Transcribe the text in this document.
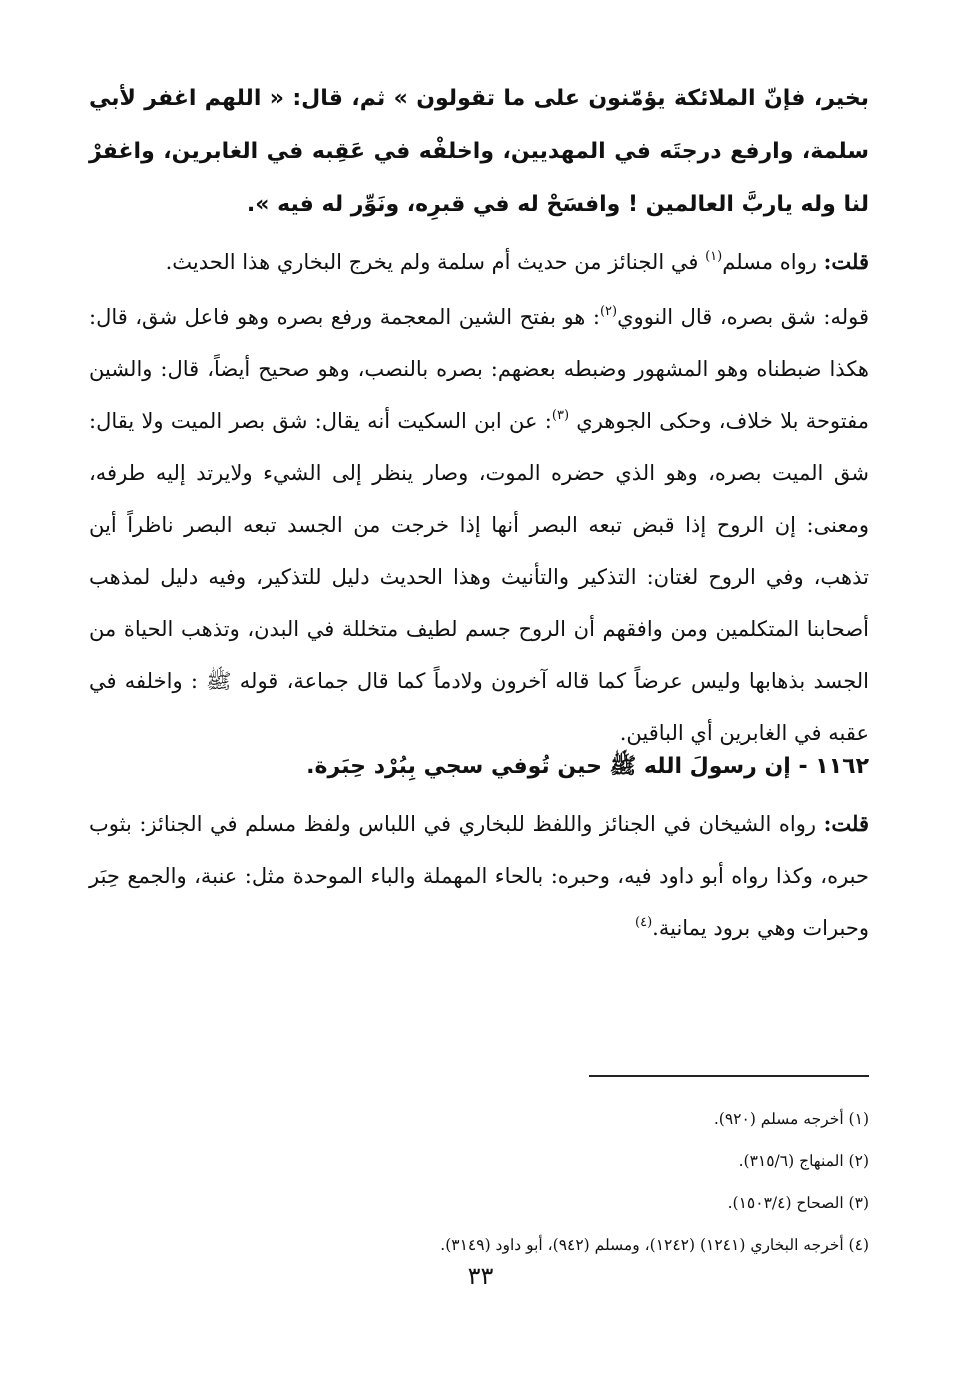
بخير، فإنّ الملائكة يؤمّنون على ما تقولون » ثم، قال: « اللهم اغفر لأبي سلمة، وارفع درجتَه في المهديين، واخلفْه في عَقِبه في الغابرين، واغفرْ لنا وله ياربَّ العالمين ! وافسَحْ له في قبرِه، ونَوِّر له فيه ».
قلت: رواه مسلم$^{(١)}$ في الجنائز من حديث أم سلمة ولم يخرج البخاري هذا الحديث.
قوله: شق بصره، قال النووي$^{(٢)}$: هو بفتح الشين المعجمة ورفع بصره وهو فاعل شق، قال: هكذا ضبطناه وهو المشهور وضبطه بعضهم: بصره بالنصب، وهو صحيح أيضاً، قال: والشين مفتوحة بلا خلاف، وحكى الجوهري $^{(٣)}$: عن ابن السكيت أنه يقال: شق بصر الميت ولا يقال: شق الميت بصره، وهو الذي حضره الموت، وصار ينظر إلى الشيء ولايرتد إليه طرفه، ومعنى: إن الروح إذا قبض تبعه البصر أنها إذا خرجت من الجسد تبعه البصر ناظراً أين تذهب، وفي الروح لغتان: التذكير والتأنيث وهذا الحديث دليل للتذكير، وفيه دليل لمذهب أصحابنا المتكلمين ومن وافقهم أن الروح جسم لطيف متخللة في البدن، وتذهب الحياة من الجسد بذهابها وليس عرضاً كما قاله آخرون ولادماً كما قال جماعة، قوله ﷺ : واخلفه في عقبه في الغابرين أي الباقين.
١١٦٢ - إن رسولَ الله ﷺ حين تُوفي سجي بِبُرْد حِبَرة.
قلت: رواه الشيخان في الجنائز واللفظ للبخاري في اللباس ولفظ مسلم في الجنائز: بثوب حبره، وكذا رواه أبو داود فيه، وحبره: بالحاء المهملة والباء الموحدة مثل: عنبة، والجمع حِبَر وحبرات وهي برود يمانية.$^{(٤)}$
(١) أخرجه مسلم (٩٢٠).
(٢) المنهاج (٣١٥/٦).
(٣) الصحاح (١٥٠٣/٤).
(٤) أخرجه البخاري (١٢٤١) (١٢٤٢)، ومسلم (٩٤٢)، أبو داود (٣١٤٩).
٣٣
